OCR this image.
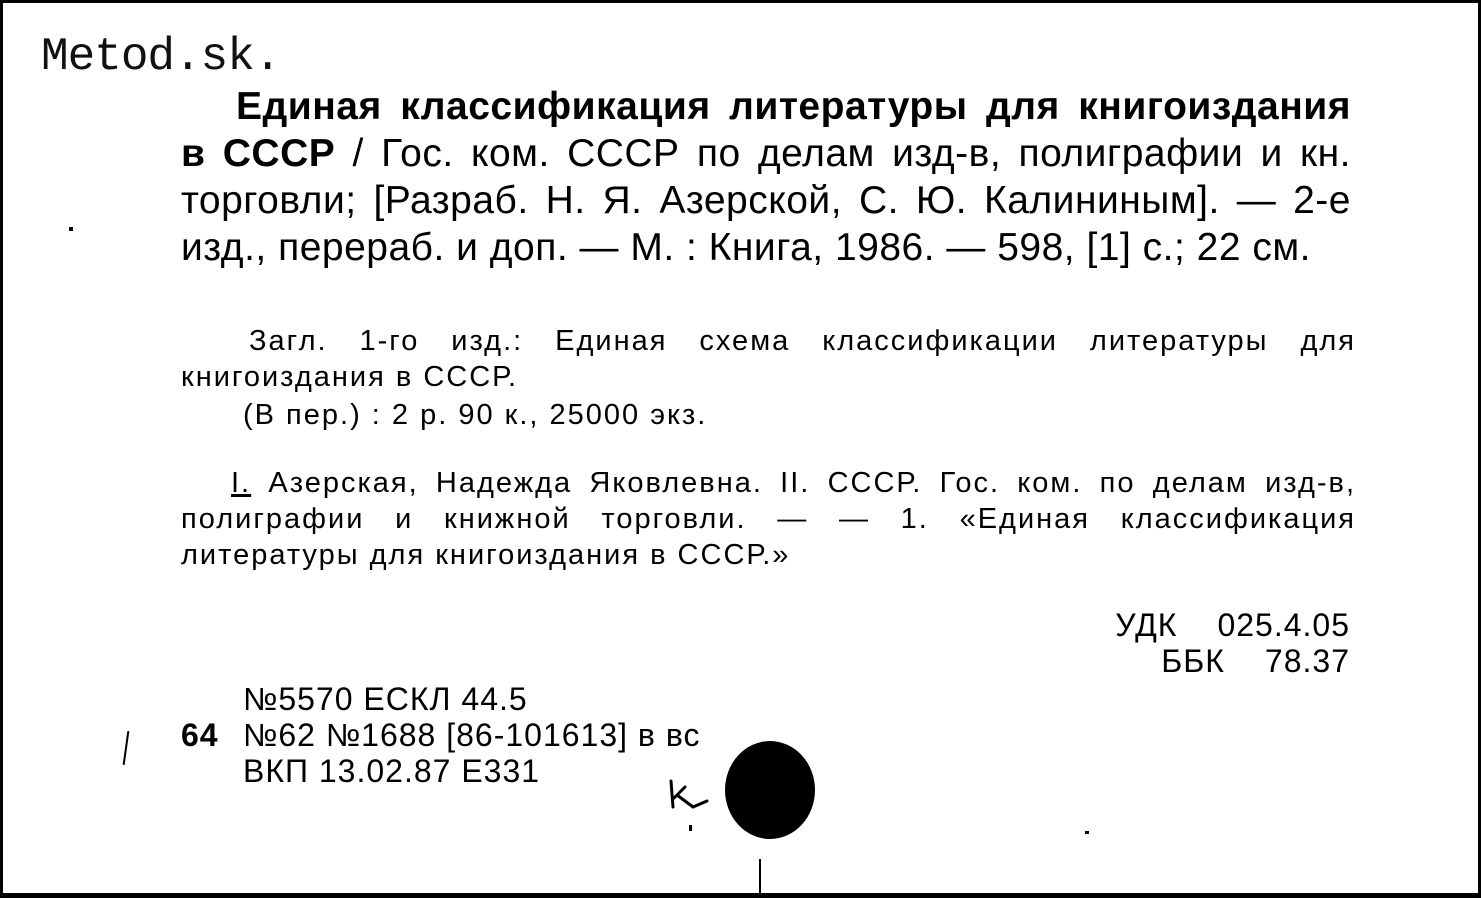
Metod.sk.
Единая классификация литературы для книгоиздания в СССР / Гос. ком. СССР по делам изд-в, полиграфии и кн. торговли; [Разраб. Н. Я. Азерской, С. Ю. Калининым]. — 2-е изд., перераб. и доп. — М. : Книга, 1986. — 598, [1] с.; 22 см.
Загл. 1-го изд.: Единая схема классификации литературы для книгоиздания в СССР.
(В пер.) : 2 р. 90 к., 25000 экз.
I. Азерская, Надежда Яковлевна. II. СССР. Гос. ком. по делам изд-в, полиграфии и книжной торговли. — — 1. «Единая классификация литературы для книгоиздания в СССР.»
УДК 025.4.05
ББК 78.37
№5570 ЕСКЛ 44.5
64 №62 №1688 [86-101613] в вс
ВКП 13.02.87 Е331
